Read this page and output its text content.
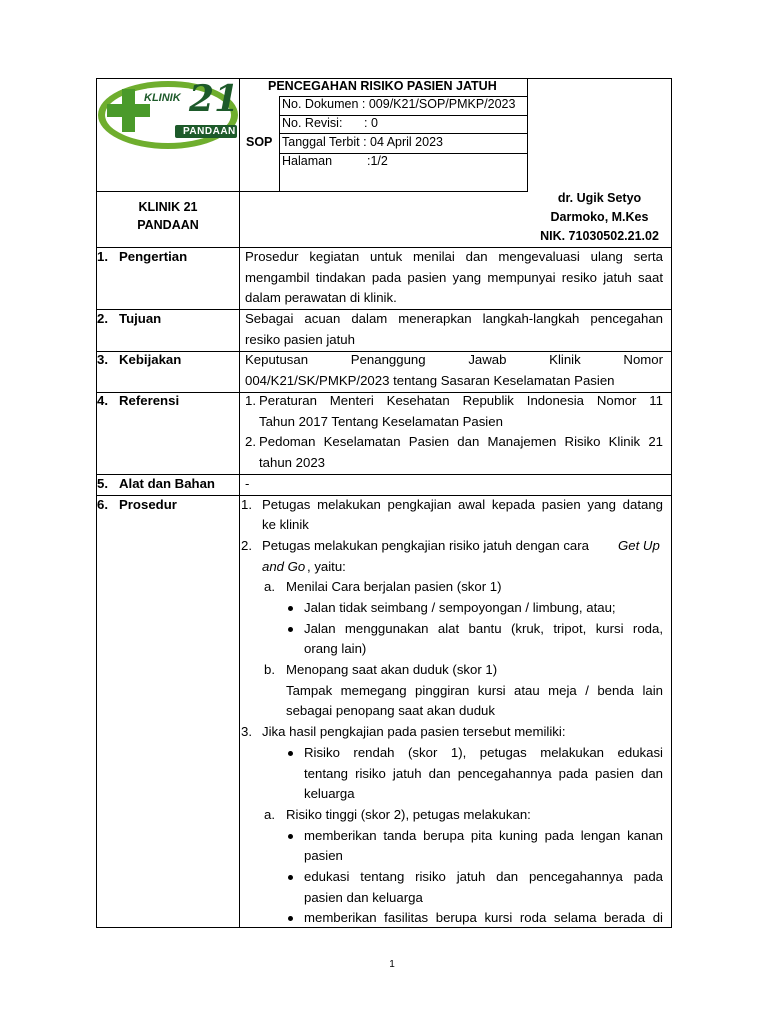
KLINIK 21
PANDAAN
PENCEGAHAN RISIKO PASIEN JATUH
SOP
No. Dokumen : 009/K21/SOP/PMKP/2023
No. Revisi: : 0
Tanggal Terbit : 04 April 2023
Halaman	:1/2
KLINIK 21
PANDAAN
dr. Ugik Setyo
Darmoko, M.Kes
NIK. 71030502.21.02
1. Pengertian
2. Tujuan
3. Kebijakan
4. Referensi
5. Alat dan Bahan
6. Prosedur
Prosedur kegiatan untuk menilai dan mengevaluasi ulang serta
mengambil tindakan pada pasien yang mempunyai resiko jatuh saat
dalam perawatan di klinik.
Sebagai acuan dalam menerapkan langkah-langkah pencegahan
resiko pasien jatuh
Keputusan Penanggung Jawab Klinik Nomor
004/K21/SK/PMKP/2023 tentang Sasaran Keselamatan Pasien
1. Peraturan Menteri Kesehatan Republik Indonesia Nomor 11
Tahun 2017 Tentang Keselamatan Pasien
2. Pedoman Keselamatan Pasien dan Manajemen Risiko Klinik 21
tahun 2023
-
1. Petugas melakukan pengkajian awal kepada pasien yang datang
ke klinik
2. Petugas melakukan pengkajian risiko jatuh dengan cara Get Up
and Go , yaitu:
a. Menilai Cara berjalan pasien (skor 1)
Jalan tidak seimbang / sempoyongan / limbung, atau;
Jalan menggunakan alat bantu (kruk, tripot, kursi roda,
orang lain)
b. Menopang saat akan duduk (skor 1)
Tampak memegang pinggiran kursi atau meja / benda lain
sebagai penopang saat akan duduk
3. Jika hasil pengkajian pada pasien tersebut memiliki:
Risiko rendah (skor 1), petugas melakukan edukasi
tentang risiko jatuh dan pencegahannya pada pasien dan
keluarga
a. Risiko tinggi (skor 2), petugas melakukan:
memberikan tanda berupa pita kuning pada lengan kanan
pasien
edukasi tentang risiko jatuh dan pencegahannya pada
pasien dan keluarga
memberikan fasilitas berupa kursi roda selama berada di
1
